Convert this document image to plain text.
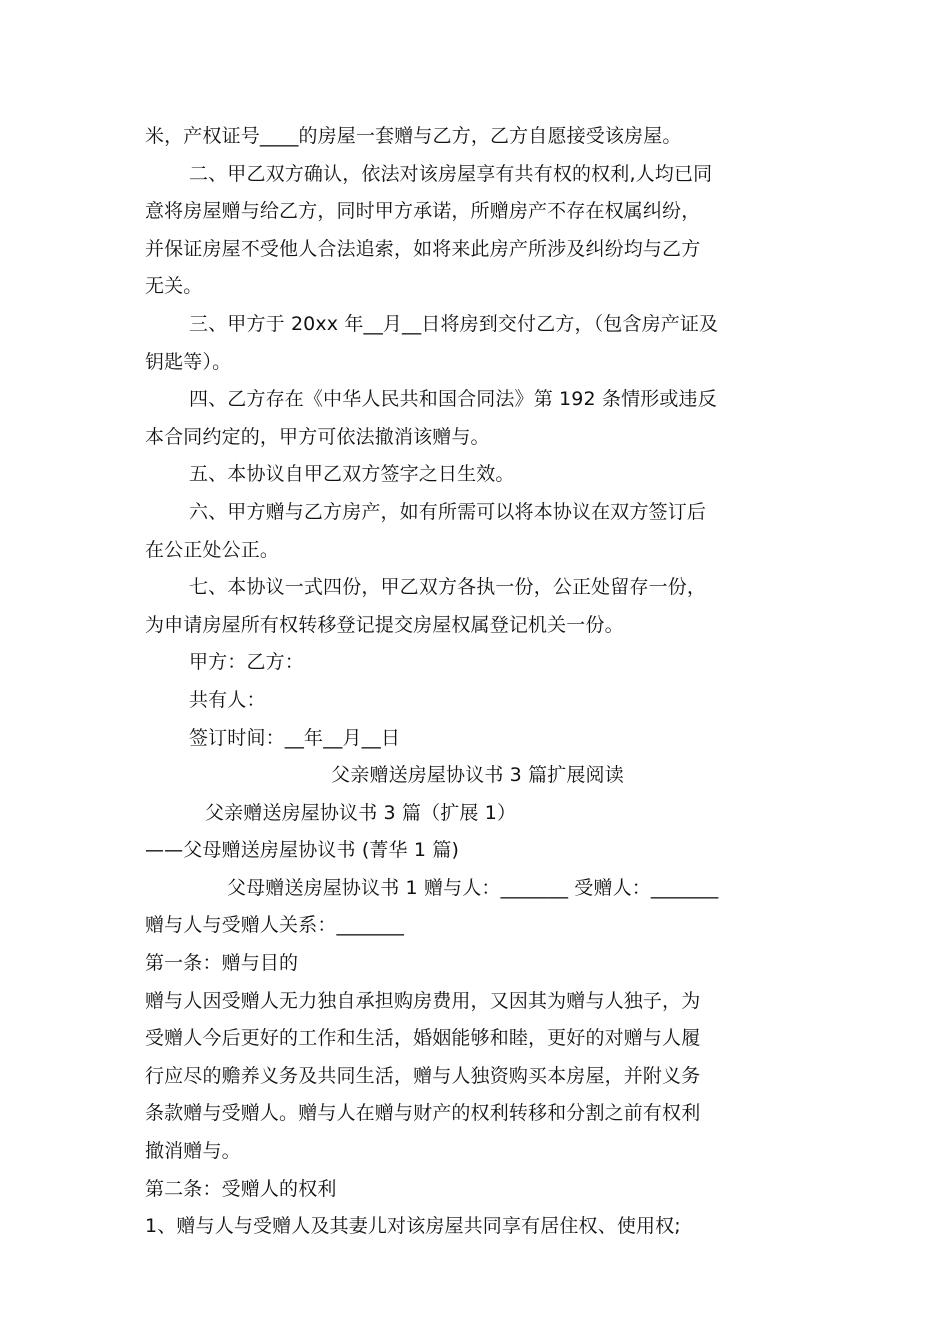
米，产权证号____的房屋一套赠与乙方，乙方自愿接受该房屋。
二、甲乙双方确认，依法对该房屋享有共有权的权利,人均已同
意将房屋赠与给乙方，同时甲方承诺，所赠房产不存在权属纠纷，
并保证房屋不受他人合法追索，如将来此房产所涉及纠纷均与乙方
无关。
三、甲方于 20xx 年__月__日将房到交付乙方，（包含房产证及
钥匙等）。
四、乙方存在《中华人民共和国合同法》第 192 条情形或违反
本合同约定的，甲方可依法撤消该赠与。
五、本协议自甲乙双方签字之日生效。
六、甲方赠与乙方房产，如有所需可以将本协议在双方签订后
在公正处公正。
七、本协议一式四份，甲乙双方各执一份，公正处留存一份，
为申请房屋所有权转移登记提交房屋权属登记机关一份。
甲方：乙方：
共有人：
签订时间：__年__月__日
父亲赠送房屋协议书 3 篇扩展阅读
父亲赠送房屋协议书 3 篇（扩展 1）
——父母赠送房屋协议书 (菁华 1 篇)
父母赠送房屋协议书 1 赠与人：_______ 受赠人：_______
赠与人与受赠人关系：_______
第一条：赠与目的
赠与人因受赠人无力独自承担购房费用，又因其为赠与人独子，为
受赠人今后更好的工作和生活，婚姻能够和睦，更好的对赠与人履
行应尽的赡养义务及共同生活，赠与人独资购买本房屋，并附义务
条款赠与受赠人。赠与人在赠与财产的权利转移和分割之前有权利
撤消赠与。
第二条：受赠人的权利
1、赠与人与受赠人及其妻儿对该房屋共同享有居住权、使用权;
